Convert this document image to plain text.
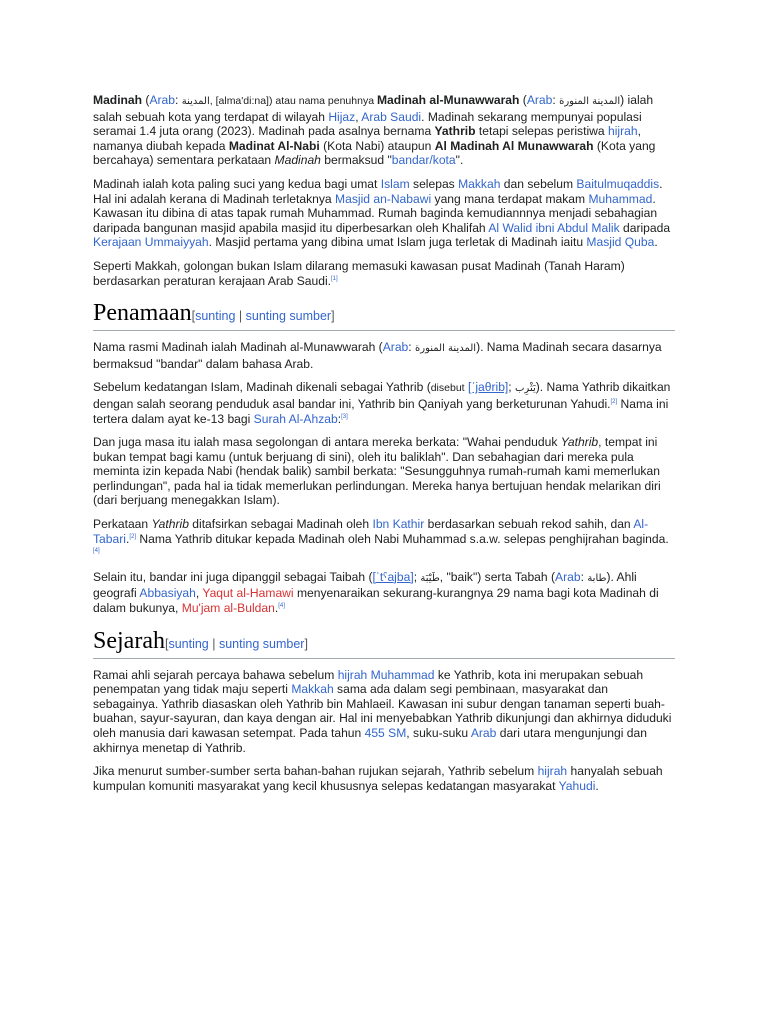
Madinah (Arab: المدينة, [alma'di:na]) atau nama penuhnya Madinah al-Munawwarah (Arab: المدينة المنورة) ialah salah sebuah kota yang terdapat di wilayah Hijaz, Arab Saudi. Madinah sekarang mempunyai populasi seramai 1.4 juta orang (2023). Madinah pada asalnya bernama Yathrib tetapi selepas peristiwa hijrah, namanya diubah kepada Madinat Al-Nabi (Kota Nabi) ataupun Al Madinah Al Munawwarah (Kota yang bercahaya) sementara perkataan Madinah bermaksud "bandar/kota".

Madinah ialah kota paling suci yang kedua bagi umat Islam selepas Makkah dan sebelum Baitulmuqaddis. Hal ini adalah kerana di Madinah terletaknya Masjid an-Nabawi yang mana terdapat makam Muhammad. Kawasan itu dibina di atas tapak rumah Muhammad. Rumah baginda kemudiannnya menjadi sebahagian daripada bangunan masjid apabila masjid itu diperbesarkan oleh Khalifah Al Walid ibni Abdul Malik daripada Kerajaan Ummaiyyah. Masjid pertama yang dibina umat Islam juga terletak di Madinah iaitu Masjid Quba.

Seperti Makkah, golongan bukan Islam dilarang memasuki kawasan pusat Madinah (Tanah Haram) berdasarkan peraturan kerajaan Arab Saudi.[1]

Penamaan[sunting | sunting sumber]

Nama rasmi Madinah ialah Madinah al-Munawwarah (Arab: المدينة المنورة). Nama Madinah secara dasarnya bermaksud "bandar" dalam bahasa Arab.

Sebelum kedatangan Islam, Madinah dikenali sebagai Yathrib (disebut [ˈjaθrib]; يَثْرِب). Nama Yathrib dikaitkan dengan salah seorang penduduk asal bandar ini, Yathrib bin Qaniyah yang berketurunan Yahudi.[2] Nama ini tertera dalam ayat ke-13 bagi Surah Al-Ahzab:[3]

Dan juga masa itu ialah masa segolongan di antara mereka berkata: "Wahai penduduk Yathrib, tempat ini bukan tempat bagi kamu (untuk berjuang di sini), oleh itu baliklah". Dan sebahagian dari mereka pula meminta izin kepada Nabi (hendak balik) sambil berkata: "Sesungguhnya rumah-rumah kami memerlukan perlindungan", pada hal ia tidak memerlukan perlindungan. Mereka hanya bertujuan hendak melarikan diri (dari berjuang menegakkan Islam).

Perkataan Yathrib ditafsirkan sebagai Madinah oleh Ibn Kathir berdasarkan sebuah rekod sahih, dan Al-Tabari.[2] Nama Yathrib ditukar kepada Madinah oleh Nabi Muhammad s.a.w. selepas penghijrahan baginda.[4]

Selain itu, bandar ini juga dipanggil sebagai Taibah ([ˈtˤajba]; طَيْبَة, "baik") serta Tabah (Arab: طابة). Ahli geografi Abbasiyah, Yaqut al-Hamawi menyenaraikan sekurang-kurangnya 29 nama bagi kota Madinah di dalam bukunya, Mu'jam al-Buldan.[4]

Sejarah[sunting | sunting sumber]

Ramai ahli sejarah percaya bahawa sebelum hijrah Muhammad ke Yathrib, kota ini merupakan sebuah penempatan yang tidak maju seperti Makkah sama ada dalam segi pembinaan, masyarakat dan sebagainya. Yathrib diasaskan oleh Yathrib bin Mahlaeil. Kawasan ini subur dengan tanaman seperti buah-buahan, sayur-sayuran, dan kaya dengan air. Hal ini menyebabkan Yathrib dikunjungi dan akhirnya diduduki oleh manusia dari kawasan setempat. Pada tahun 455 SM, suku-suku Arab dari utara mengunjungi dan akhirnya menetap di Yathrib.

Jika menurut sumber-sumber serta bahan-bahan rujukan sejarah, Yathrib sebelum hijrah hanyalah sebuah kumpulan komuniti masyarakat yang kecil khususnya selepas kedatangan masyarakat Yahudi.
